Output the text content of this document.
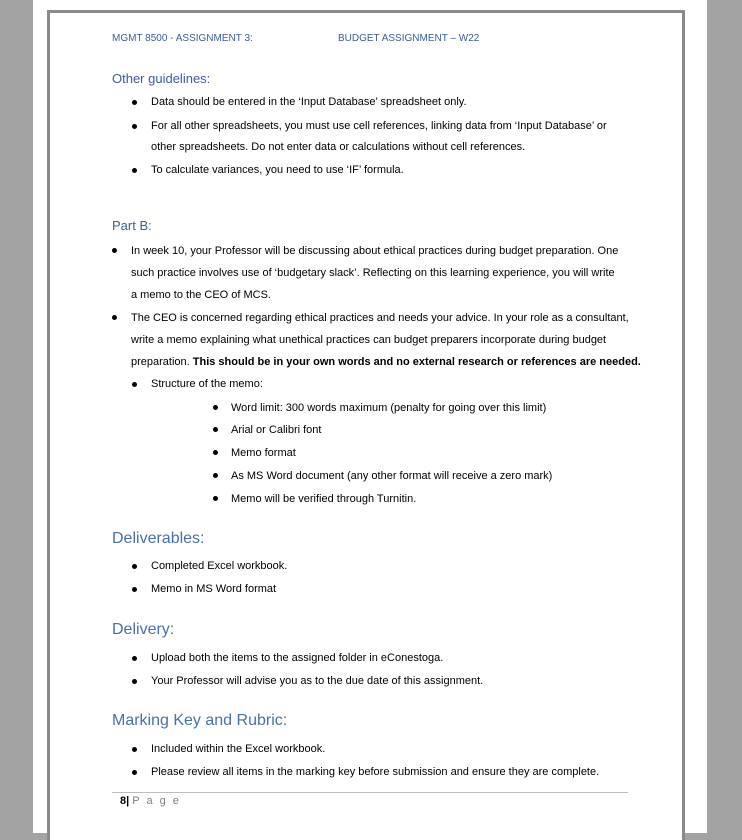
MGMT 8500 - ASSIGNMENT 3:	BUDGET ASSIGNMENT – W22
Other guidelines:
Data should be entered in the ‘Input Database’ spreadsheet only.
For all other spreadsheets, you must use cell references, linking data from ‘Input Database’ or
other spreadsheets. Do not enter data or calculations without cell references.
To calculate variances, you need to use ‘IF’ formula.
Part B:
In week 10, your Professor will be discussing about ethical practices during budget preparation. One
such practice involves use of ‘budgetary slack’. Reflecting on this learning experience, you will write
a memo to the CEO of MCS.
The CEO is concerned regarding ethical practices and needs your advice. In your role as a consultant,
write a memo explaining what unethical practices can budget preparers incorporate during budget
preparation. This should be in your own words and no external research or references are needed.
Structure of the memo:
Word limit: 300 words maximum (penalty for going over this limit)
Arial or Calibri font
Memo format
As MS Word document (any other format will receive a zero mark)
Memo will be verified through Turnitin.
Deliverables:
Completed Excel workbook.
Memo in MS Word format
Delivery:
Upload both the items to the assigned folder in eConestoga.
Your Professor will advise you as to the due date of this assignment.
Marking Key and Rubric:
Included within the Excel workbook.
Please review all items in the marking key before submission and ensure they are complete.
8| P a g e
